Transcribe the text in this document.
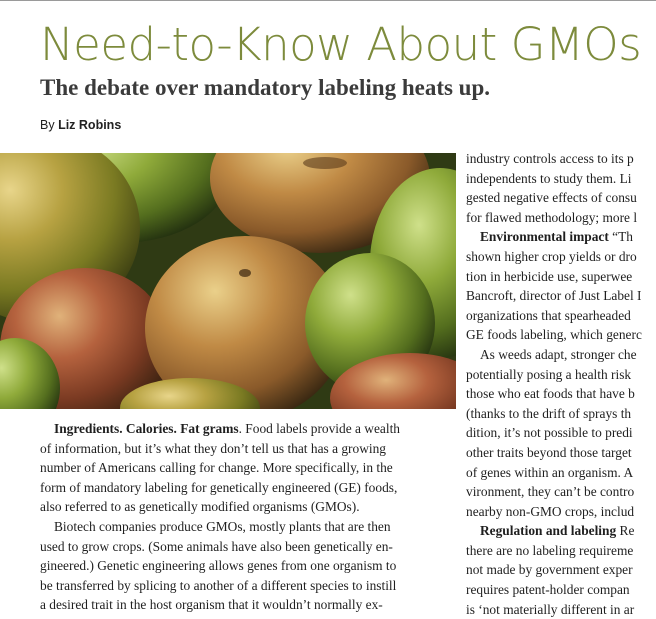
Need-to-Know About GMOs
The debate over mandatory labeling heats up.
By Liz Robins

Ingredients. Calories. Fat grams. Food labels provide a wealth

of information, but it’s what they don’t tell us that has a growing

number of Americans calling for change. More specifically, in the

form of mandatory labeling for genetically engineered (GE) foods,

also referred to as genetically modified organisms (GMOs).

Biotech companies produce GMOs, mostly plants that are then

used to grow crops. (Some animals have also been genetically en-

gineered.) Genetic engineering allows genes from one organism to

be transferred by splicing to another of a different species to instill

a desired trait in the host organism that it wouldn’t normally ex-

industry controls access to its p

independents to study them. Li

gested negative effects of consu

for flawed methodology; more l

Environmental impact “Th

shown higher crop yields or dro

tion in herbicide use, superwee

Bancroft, director of Just Label I

organizations that spearheaded

GE foods labeling, which generc

As weeds adapt, stronger che

potentially posing a health risk

those who eat foods that have b

(thanks to the drift of sprays th

dition, it’s not possible to predi

other traits beyond those target

of genes within an organism. A

vironment, they can’t be contro

nearby non-GMO crops, includ

Regulation and labeling Re

there are no labeling requireme

not made by government exper

requires patent-holder compan

is ‘not materially different in ar
